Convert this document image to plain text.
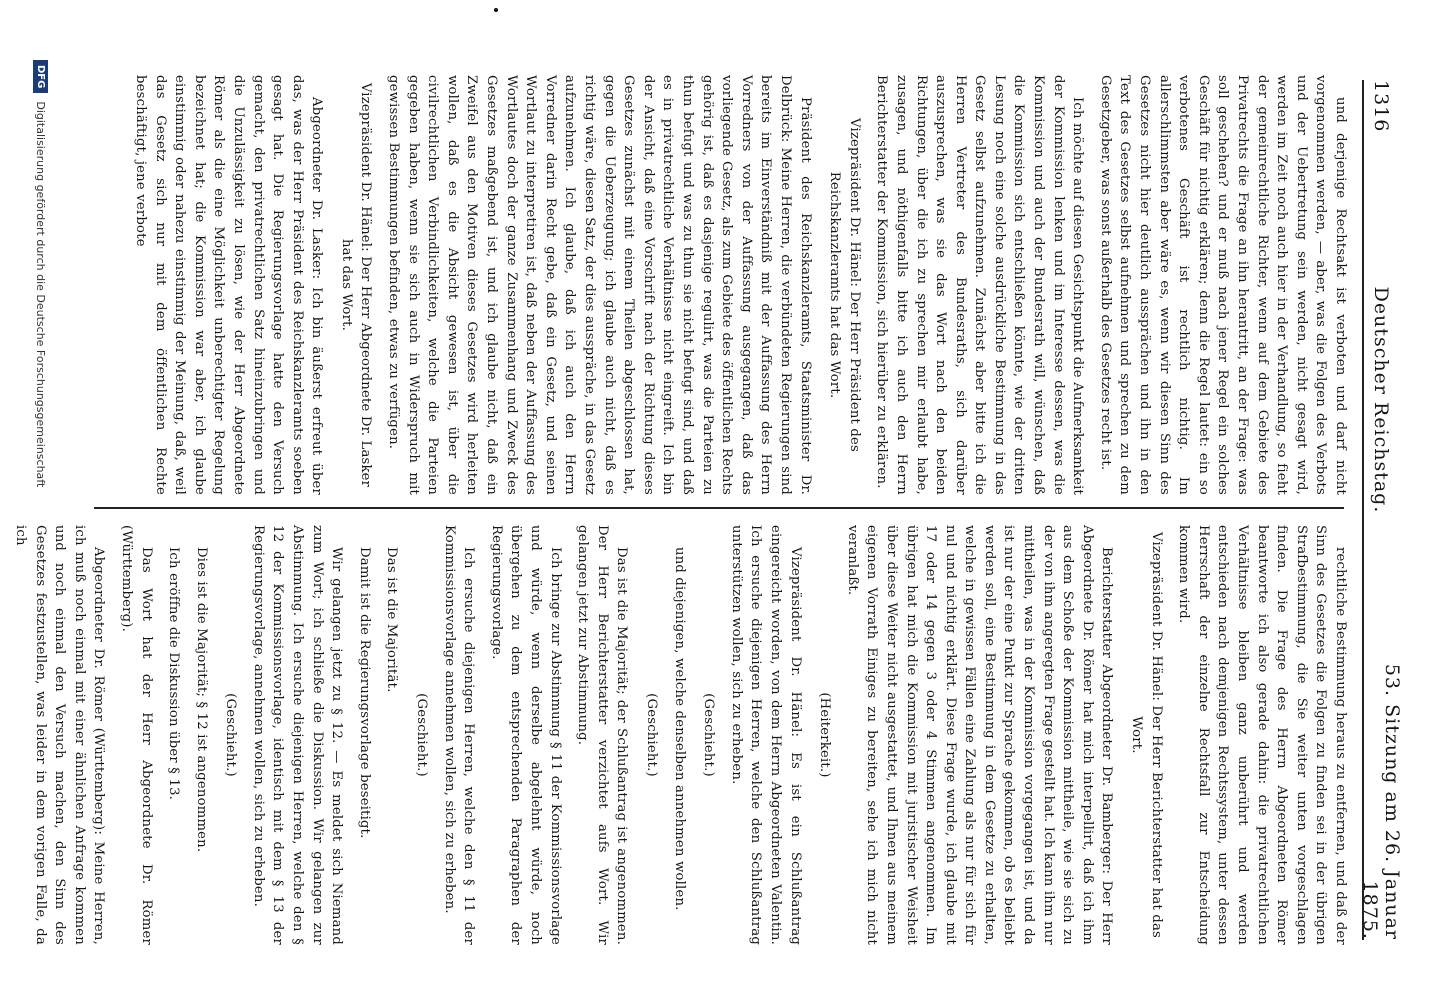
1316
Deutscher Reichstag.
53. Sitzung am 26. Januar 1875.

und derjenige Rechtsakt ist verboten und darf nicht vorgenommen werden, — aber, was die Folgen des Verbots und der Uebertretung sein werden, nicht gesagt wird, werden im Zeit noch auch hier in der Verhandlung, so fieht der gemeinrechtliche Richter, wenn auf dem Gebiete des Privatrechts die Frage an ihn herantritt, an der Frage: was soll geschehen? und er muß nach jener Regel ein solches Geschäft für nichtig erklären; denn die Regel lautet: ein so verbotenes Geschäft ist rechtlich nichtig. Im allerschlimmsten aber wäre es, wenn wir diesen Sinn des Gesetzes nicht hier deutlich aussprächen und ihn in den Text des Gesetzes selbst aufnehmen und sprechen zu dem Gesetzgeber, was sonst außerhalb des Gesetzes recht ist.

Ich möchte auf diesen Gesichtspunkt die Aufmerksamkeit der Kommission lenken und im Interesse dessen, was die Kommission und auch der Bundesrath will, wünschen, daß die Kommission sich entschließen könnte, wie der dritten Lesung noch eine solche ausdrückliche Bestimmung in das Gesetz selbst aufzunehmen. Zunächst aber bitte ich die Herren Vertreter des Bundesraths, sich darüber auszusprechen, was sie das Wort nach den beiden Richtungen, über die ich zu sprechen mir erlaubt habe, zusagen, und nöthigenfalls bitte ich auch den Herrn Berichterstatter der Kommission, sich hierüber zu erklären.

Vizepräsident Dr. Hänel: Der Herr Präsident des Reichskanzleramts hat das Wort.

Präsident des Reichskanzleramts, Staatsminister Dr. Delbrück: Meine Herren, die verbündeten Regierungen sind bereits im Einverständniß mit der Auffassung des Herrn Vorredners von der Auffassung ausgegangen, daß das vorliegende Gesetz, als zum Gebiete des öffentlichen Rechts gehörig ist, daß es dasjenige regulirt, was die Parteien zu thun befugt und was zu thun sie nicht befugt sind, und daß es in privatrechtliche Verhältnisse nicht eingreift. Ich bin der Ansicht, daß eine Vorschrift nach der Richtung dieses Gesetzes zunächst mit einem Theilen abgeschlossen hat, gegen die Ueberzeugung; ich glaube auch nicht, daß es richtig wäre, diesen Satz, der dies ausspräche, in das Gesetz aufzunehmen. Ich glaube, daß ich auch den Herrn Vorredner darin Recht gebe, daß ein Gesetz, und seinen Wortlaut zu interpretiren ist, daß neben der Auffassung des Wortlautes doch der ganze Zusammenhang und Zweck des Gesetzes maßgebend ist, und ich glaube nicht, daß ein Zweifel aus den Motiven dieses Gesetzes wird herleiten wollen, daß es die Absicht gewesen ist, über die civilrechtlichen Verbindlichkeiten, welche die Parteien gegeben haben, wenn sie sich auch in Widerspruch mit gewissen Bestimmungen befinden, etwas zu verfügen.

Vizepräsident Dr. Hänel: Der Herr Abgeordnete Dr. Lasker hat das Wort.

Abgeordneter Dr. Lasker: Ich bin äußerst erfreut über das, was der Herr Präsident des Reichskanzleramts soeben gesagt hat. Die Regierungsvorlage hatte den Versuch gemacht, den privatrechtlichen Satz hineinzubringen und die Unzulässigkeit zu lösen, wie der Herr Abgeordnete Römer als die eine Möglichkeit unberechtigter Regelung bezeichnet hat; die Kommission war aber, ich glaube einstimmig oder nahezu einstimmig der Meinung, daß, weil das Gesetz sich nur mit dem öffentlichen Rechte beschäftigt, jene verbote

rechtliche Bestimmung heraus zu entfernen, und daß der Sinn des Gesetzes die Folgen zu finden sei in der übrigen Strafbestimmung, die Sie weiter unten vorgeschlagen finden. Die Frage des Herrn Abgeordneten Römer beantworte ich also gerade dahin: die privatrechtlichen Verhältnisse bleiben ganz unberührt und werden entschieden nach demjenigen Rechtssystem, unter dessen Herrschaft der einzelne Rechtsfall zur Entscheidung kommen wird.

Vizepräsident Dr. Hänel: Der Herr Berichterstatter hat das Wort.

Berichterstatter Abgeordneter Dr. Bamberger: Der Herr Abgeordnete Dr. Römer hat mich interpellirt, daß ich ihm aus dem Schoße der Kommission mittheile, wie sie sich zu der von ihm angeregten Frage gestellt hat. Ich kann ihm nur mittheilen, was in der Kommission vorgegangen ist, und da ist nur der eine Punkt zur Sprache gekommen, ob es beliebt werden soll, eine Bestimmung in dem Gesetze zu erhalten, welche in gewissen Fällen eine Zahlung als nur für sich für nul und nichtig erklärt. Diese Frage wurde, ich glaube mit 17 oder 14 gegen 3 oder 4 Stimmen angenommen. Im übrigen hat mich die Kommission mit juristischer Weisheit über diese Weiter nicht ausgestattet, und Ihnen aus meinem eigenen Vorrath Einiges zu bereiten, sehe ich mich nicht veranlaßt.

(Heiterkeit.)

Vizepräsident Dr. Hänel: Es ist ein Schlußantrag eingereicht worden, von dem Herrn Abgeordneten Valentin. Ich ersuche diejenigen Herren, welche den Schlußantrag unterstützen wollen, sich zu erheben.

(Geschieht.)

und diejenigen, welche denselben annehmen wollen.

(Geschieht.)

Das ist die Majorität; der Schlußantrag ist angenommen. Der Herr Berichterstatter verzichtet aufs Wort. Wir gelangen jetzt zur Abstimmung.

Ich bringe zur Abstimmung § 11 der Kommissionsvorlage und würde, wenn derselbe abgelehnt würde, noch übergehen zu dem entsprechenden Paragraphen der Regierungsvorlage.

Ich ersuche diejenigen Herren, welche den § 11 der Kommissionsvorlage annehmen wollen, sich zu erheben.

(Geschieht.)

Das ist die Majorität.

Damit ist die Regierungsvorlage beseitigt.

Wir gelangen jetzt zu § 12. — Es meldet sich Niemand zum Wort; ich schließe die Diskussion. Wir gelangen zur Abstimmung. Ich ersuche diejenigen Herren, welche den § 12 der Kommissionsvorlage, identisch mit dem § 13 der Regierungsvorlage, annehmen wollen, sich zu erheben.

(Geschieht.)

Dies ist die Majorität; § 12 ist angenommen.

Ich eröffne die Diskussion über § 13.

Das Wort hat der Herr Abgeordnete Dr. Römer (Württemberg).

Abgeordneter Dr. Römer (Württemberg): Meine Herren, ich muß noch einmal mit einer ähnlichen Anfrage kommen und noch einmal den Versuch machen, den Sinn des Gesetzes festzustellen, was leider in dem vorigen Falle, da ich

DFG
Digitalisierung gefördert durch die Deutsche Forschungsgemeinschaft
